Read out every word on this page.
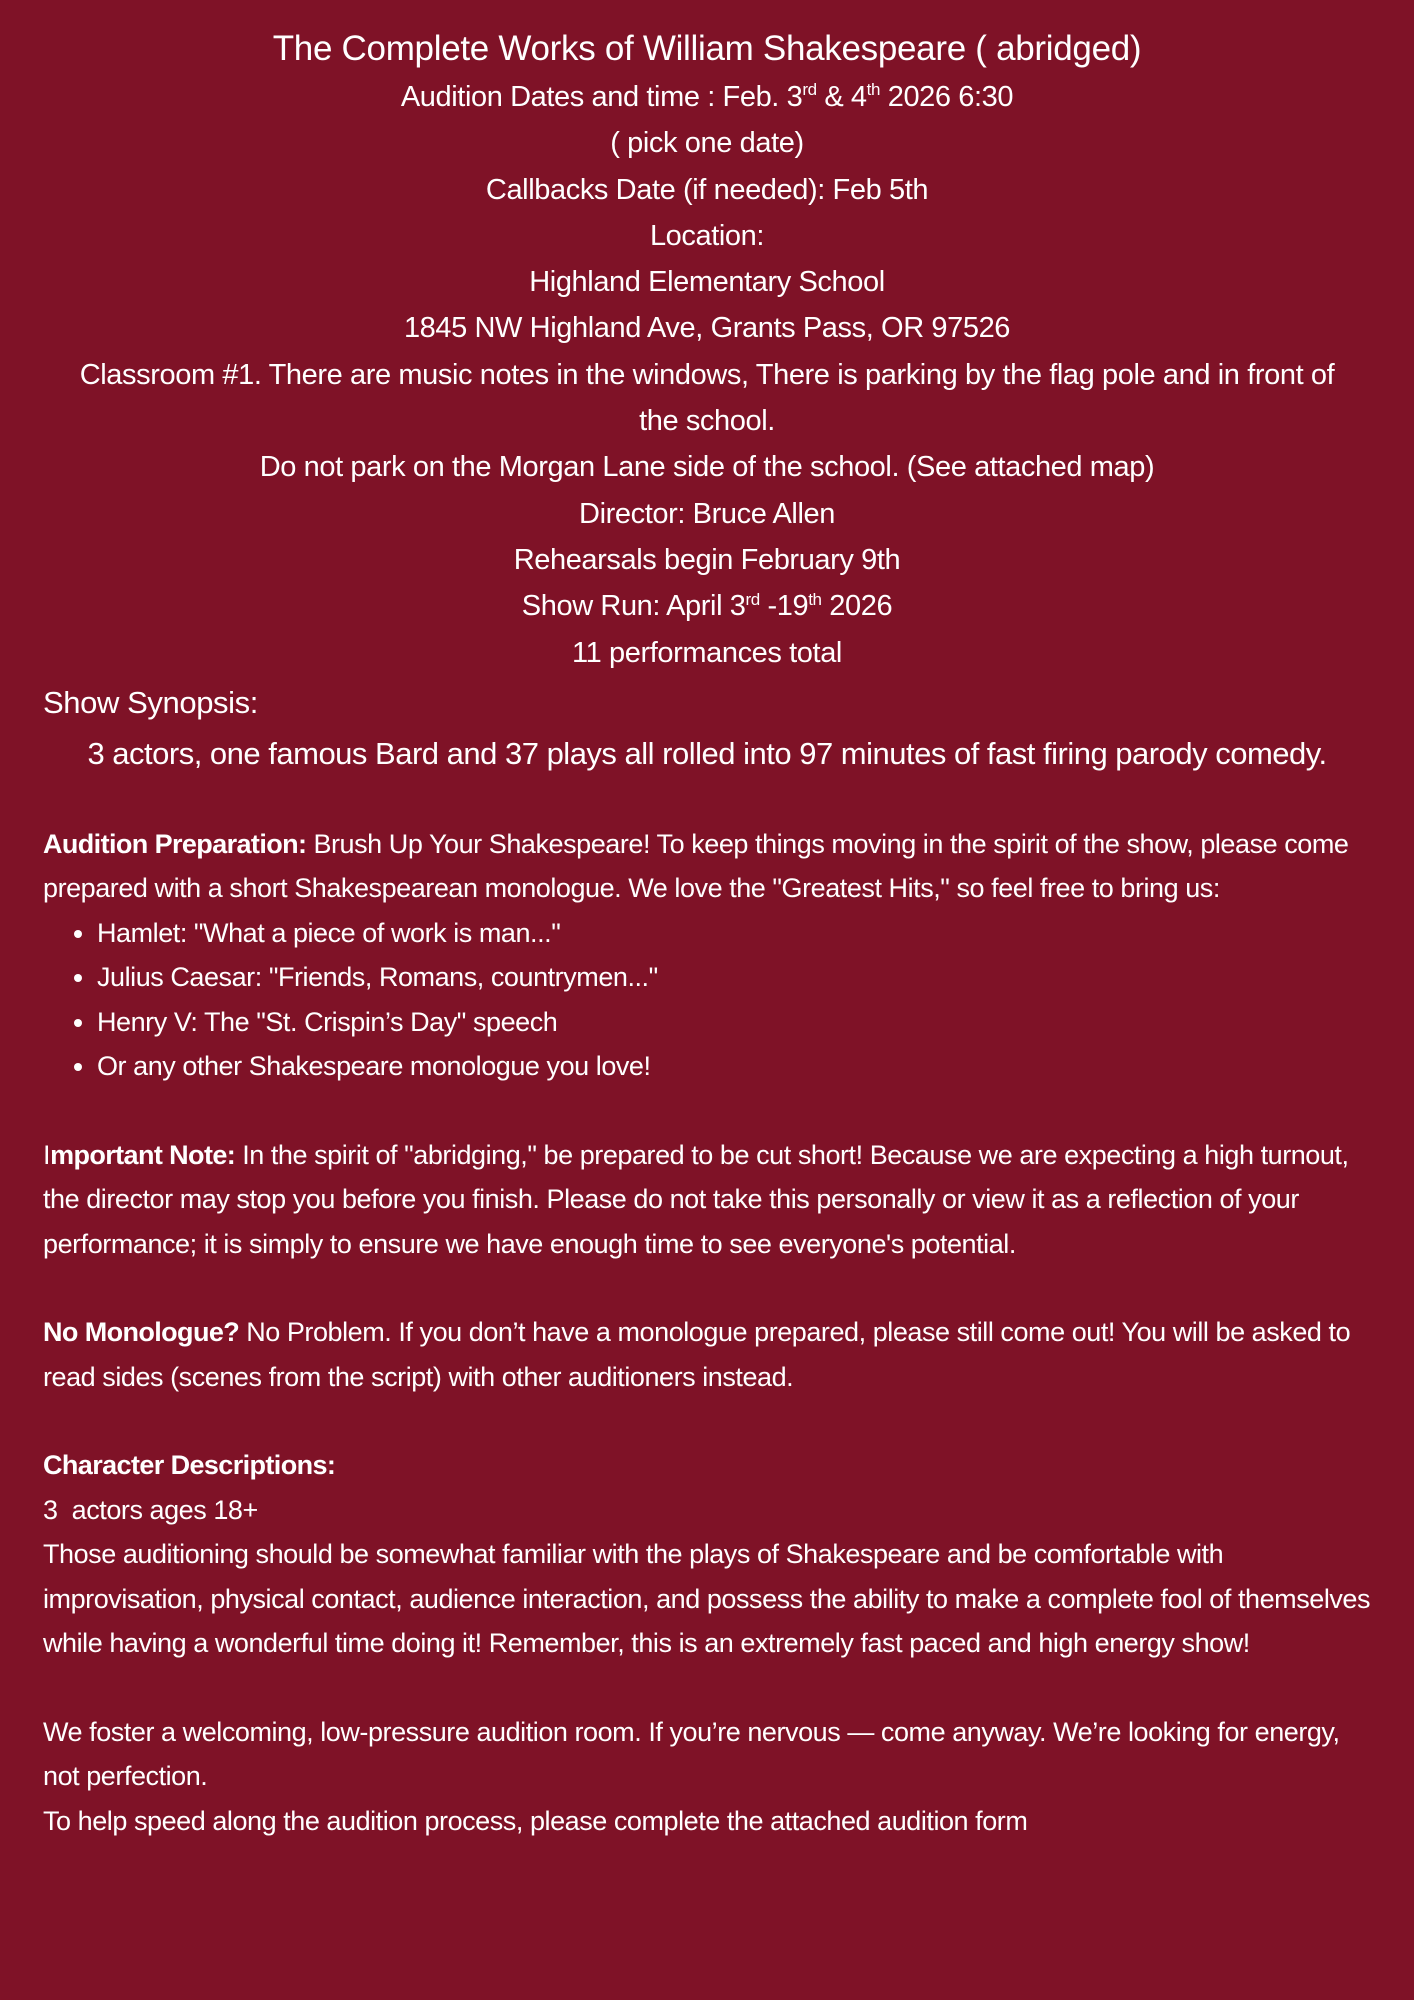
The Complete Works of William Shakespeare ( abridged)

Audition Dates and time : Feb. 3rd & 4th 2026 6:30

( pick one date)

Callbacks Date (if needed): Feb 5th

Location:

Highland Elementary School

1845 NW Highland Ave, Grants Pass, OR 97526

Classroom #1. There are music notes in the windows, There is parking by the flag pole and in front of

the school.

Do not park on the Morgan Lane side of the school. (See attached map)

Director: Bruce Allen

Rehearsals begin February 9th

Show Run: April 3rd -19th 2026

11 performances total

Show Synopsis:

3 actors, one famous Bard and 37 plays all rolled into 97 minutes of fast firing parody comedy.

Audition Preparation: Brush Up Your Shakespeare! To keep things moving in the spirit of the show, please come prepared with a short Shakespearean monologue. We love the "Greatest Hits," so feel free to bring us:

• Hamlet: "What a piece of work is man..."
• Julius Caesar: "Friends, Romans, countrymen..."
• Henry V: The "St. Crispin’s Day" speech
• Or any other Shakespeare monologue you love!

Important Note: In the spirit of "abridging," be prepared to be cut short! Because we are expecting a high turnout, the director may stop you before you finish. Please do not take this personally or view it as a reflection of your performance; it is simply to ensure we have enough time to see everyone's potential.

No Monologue? No Problem. If you don’t have a monologue prepared, please still come out! You will be asked to read sides (scenes from the script) with other auditioners instead.

Character Descriptions:

3  actors ages 18+

Those auditioning should be somewhat familiar with the plays of Shakespeare and be comfortable with improvisation, physical contact, audience interaction, and possess the ability to make a complete fool of themselves while having a wonderful time doing it! Remember, this is an extremely fast paced and high energy show!

We foster a welcoming, low-pressure audition room. If you’re nervous — come anyway. We’re looking for energy, not perfection.

To help speed along the audition process, please complete the attached audition form
